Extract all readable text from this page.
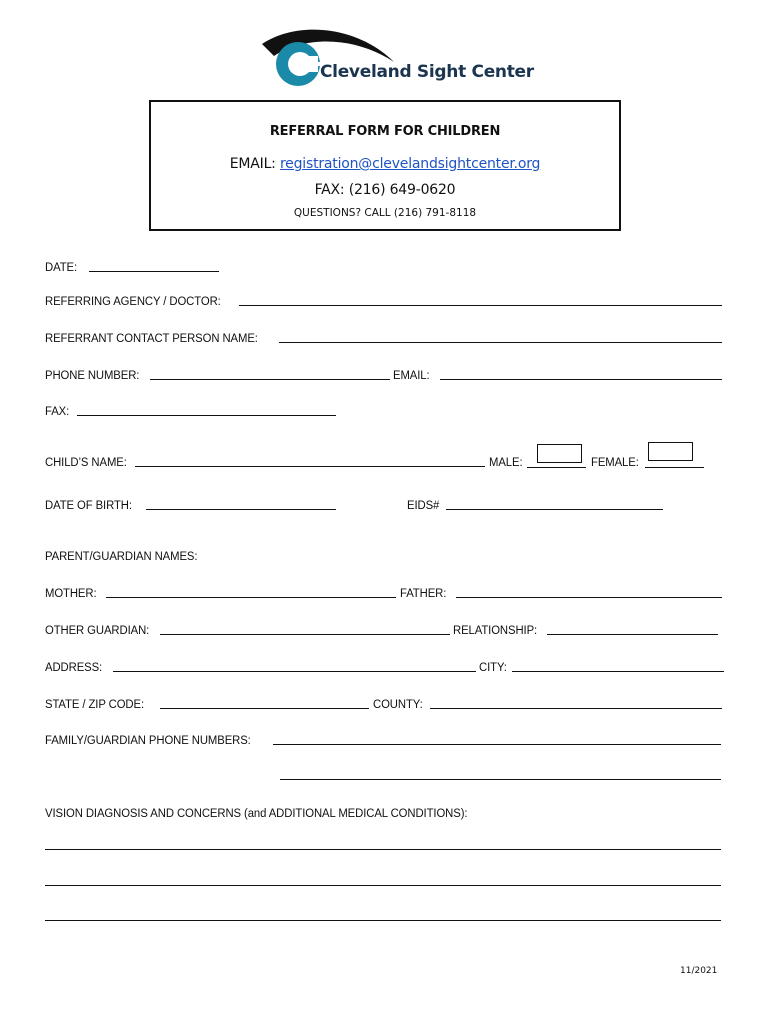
Cleveland Sight Center
REFERRAL FORM FOR CHILDREN
EMAIL: registration@clevelandsightcenter.org
FAX: (216) 649-0620
QUESTIONS? CALL (216) 791-8118
DATE:
REFERRING AGENCY / DOCTOR:
REFERRANT CONTACT PERSON NAME:
PHONE NUMBER:	EMAIL:
FAX:
CHILD’S NAME:	MALE:	FEMALE:
DATE OF BIRTH:	EIDS#
PARENT/GUARDIAN NAMES:
MOTHER:	FATHER:
OTHER GUARDIAN:	RELATIONSHIP:
ADDRESS:	CITY:
STATE / ZIP CODE:	COUNTY:
FAMILY/GUARDIAN PHONE NUMBERS:
VISION DIAGNOSIS AND CONCERNS (and ADDITIONAL MEDICAL CONDITIONS):
11/2021
